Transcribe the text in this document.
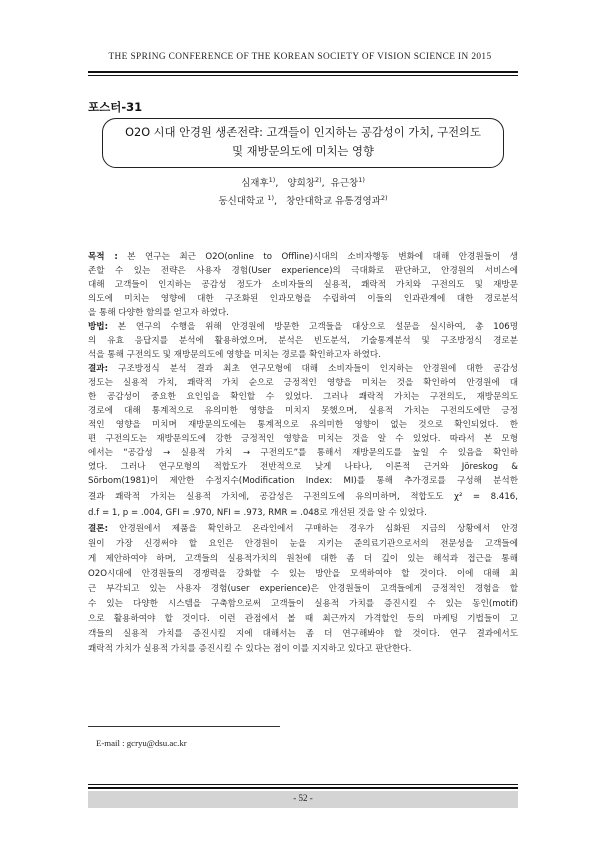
THE SPRING CONFERENCE OF THE KOREAN SOCIETY OF VISION SCIENCE IN 2015
포스터-31
O2O 시대 안경원 생존전략: 고객들이 인지하는 공감성이 가치, 구전의도
및 재방문의도에 미치는 영향
심재후$^{1)}$,   양희창$^{2)}$,  유근창$^{1)}$
동신대학교 $^{1)}$,   창안대학교 유통경영과$^{2)}$
목적 : 본 연구는 최근 O2O(online to Offline)시대의 소비자행동 변화에 대해 안경원들이 생
존할 수 있는 전략은 사용자 경험(User experience)의 극대화로 판단하고, 안경원의 서비스에
대해 고객들이 인지하는 공감성 정도가 소비자들의 실용적, 쾌락적 가치와 구전의도 및 재방문
의도에 미치는 영향에 대한 구조화된 인과모형을 수립하여 이들의 인과관계에 대한 경로분석
을 통해 다양한 함의를 얻고자 하였다.
방법: 본 연구의 수행을 위해 안경원에 방문한 고객들을 대상으로 설문을 실시하여, 총 106명
의 유효 응답지를 분석에 활용하였으며, 분석은 빈도분석, 기술통계분석 및 구조방정식 경로분
석을 통해 구전의도 및 재방문의도에 영향을 미치는 경로를 확인하고자 하였다.
결과: 구조방정식 분석 결과 최초 연구모형에 대해 소비자들이 인지하는 안경원에 대한 공감성
정도는 실용적 가치, 쾌락적 가치 순으로 긍정적인 영향을 미치는 것을 확인하여 안경원에 대
한 공감성이 중요한 요인임을 확인할 수 있었다. 그러나 쾌락적 가치는 구전의도, 재방문의도
경로에 대해 통계적으로 유의미한 영향을 미치지 못했으며, 실용적 가치는 구전의도에만 긍정
적인 영향을 미치며 재방문의도에는 통계적으로 유의미한 영향이 없는 것으로 확인되었다. 한
편 구전의도는 재방문의도에 강한 긍정적인 영향을 미치는 것을 알 수 있었다. 따라서 본 모형
에서는 “공감성 → 실용적 가치 → 구전의도”를 통해서 재방문의도를 높일 수 있음을 확인하
였다. 그러나 연구모형의 적합도가 전반적으로 낮게 나타나, 이론적 근거와 Jöreskog &
Sörbom(1981)이 제안한 수정지수(Modification Index: MI)를 통해 추가경로를 구성해 분석한
결과 쾌락적 가치는 실용적 가치에, 공감성은 구전의도에 유의미하며, 적합도도 χ² = 8.416,
d.f = 1, p = .004, GFI = .970, NFI = .973, RMR = .048로 개선된 것을 알 수 있었다.
결론: 안경원에서 제품을 확인하고 온라인에서 구매하는 경우가 심화된 지금의 상황에서 안경
원이 가장 신경써야 할 요인은 안경원이 눈을 지키는 준의료기관으로서의 전문성을 고객들에
게 제안하여야 하며, 고객들의 실용적가치의 원천에 대한 좀 더 깊이 있는 해석과 접근을 통해
O2O시대에 안경원들의 경쟁력을 강화할 수 있는 방안을 모색하여야 할 것이다. 이에 대해 최
근 부각되고 있는 사용자 경험(user experience)은 안경원들이 고객들에게 긍정적인 경험을 할
수 있는 다양한 시스템을 구축함으로써 고객들이 실용적 가치를 증진시킬 수 있는 동인(motif)
으로 활용하여야 할 것이다. 이런 관점에서 볼 때 최근까지 가격할인 등의 마케팅 기법들이 고
객들의 실용적 가치를 증진시킬 지에 대해서는 좀 더 연구해봐야 할 것이다. 연구 결과에서도
쾌락적 가치가 실용적 가치를 증진시킬 수 있다는 점이 이를 지지하고 있다고 판단한다.
E-mail : gcryu@dsu.ac.kr
- 52 -
